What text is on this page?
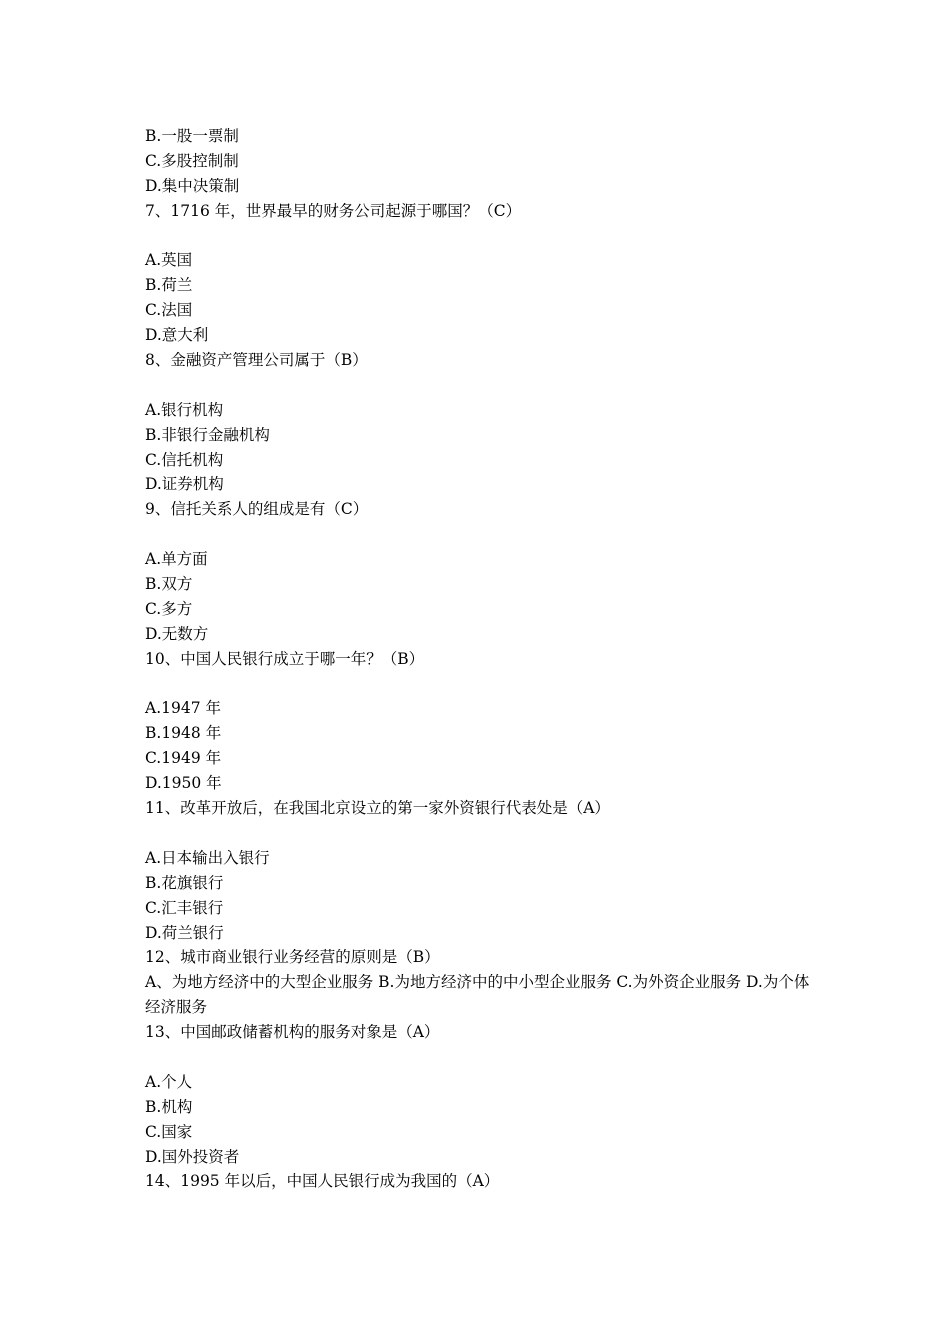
B.一股一票制
C.多股控制制
D.集中决策制
7、1716 年，世界最早的财务公司起源于哪国？（C）
A.英国
B.荷兰
C.法国
D.意大利
8、金融资产管理公司属于（B）
A.银行机构
B.非银行金融机构
C.信托机构
D.证券机构
9、信托关系人的组成是有（C）
A.单方面
B.双方
C.多方
D.无数方
10、中国人民银行成立于哪一年？（B）
A.1947 年
B.1948 年
C.1949 年
D.1950 年
11、改革开放后，在我国北京设立的第一家外资银行代表处是（A）
A.日本输出入银行
B.花旗银行
C.汇丰银行
D.荷兰银行
12、城市商业银行业务经营的原则是（B）
A、为地方经济中的大型企业服务 B.为地方经济中的中小型企业服务 C.为外资企业服务 D.为个体经济服务
13、中国邮政储蓄机构的服务对象是（A）
A.个人
B.机构
C.国家
D.国外投资者
14、1995 年以后，中国人民银行成为我国的（A）
